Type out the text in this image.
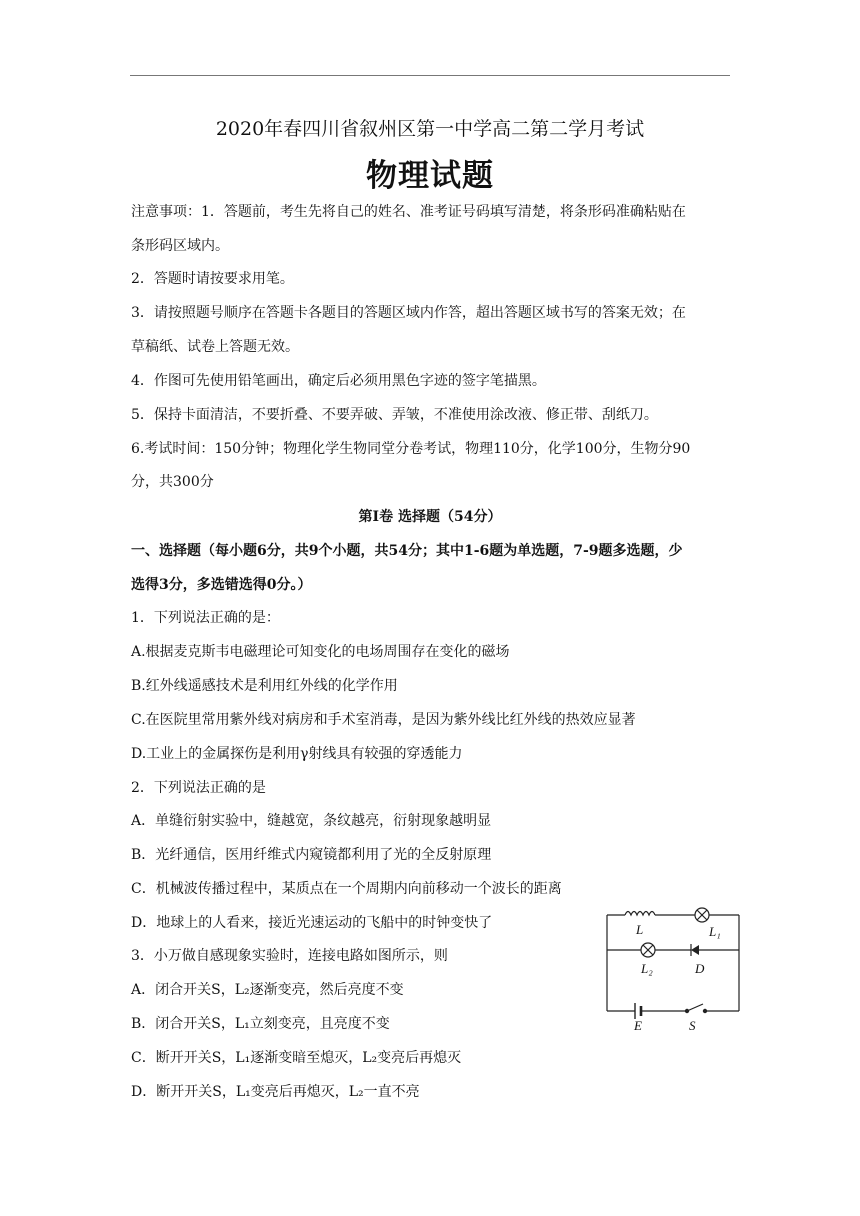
2020年春四川省叙州区第一中学高二第二学月考试
物理试题
注意事项：1．答题前，考生先将自己的姓名、准考证号码填写清楚，将条形码准确粘贴在
条形码区域内。
2．答题时请按要求用笔。
3．请按照题号顺序在答题卡各题目的答题区域内作答，超出答题区域书写的答案无效；在
草稿纸、试卷上答题无效。
4．作图可先使用铅笔画出，确定后必须用黑色字迹的签字笔描黑。
5．保持卡面清洁，不要折叠、不要弄破、弄皱，不准使用涂改液、修正带、刮纸刀。
6.考试时间：150分钟；物理化学生物同堂分卷考试，物理110分，化学100分，生物分90
分，共300分
第Ⅰ卷 选择题（54分）
一、选择题（每小题6分，共9个小题，共54分；其中1-6题为单选题，7-9题多选题，少
选得3分，多选错选得0分。）
1．下列说法正确的是：
A.根据麦克斯韦电磁理论可知变化的电场周围存在变化的磁场
B.红外线遥感技术是利用红外线的化学作用
C.在医院里常用紫外线对病房和手术室消毒，是因为紫外线比红外线的热效应显著
D.工业上的金属探伤是利用γ射线具有较强的穿透能力
2．下列说法正确的是
A．单缝衍射实验中，缝越宽，条纹越亮，衍射现象越明显
B．光纤通信，医用纤维式内窥镜都利用了光的全反射原理
C．机械波传播过程中，某质点在一个周期内向前移动一个波长的距离
D．地球上的人看来，接近光速运动的飞船中的时钟变快了
3．小万做自感现象实验时，连接电路如图所示，则
A．闭合开关S，L₂逐渐变亮，然后亮度不变
B．闭合开关S，L₁立刻变亮，且亮度不变
C．断开开关S，L₁逐渐变暗至熄灭，L₂变亮后再熄灭
D．断开开关S，L₁变亮后再熄灭，L₂一直不亮
L	L₁
L₂	D
E	S
